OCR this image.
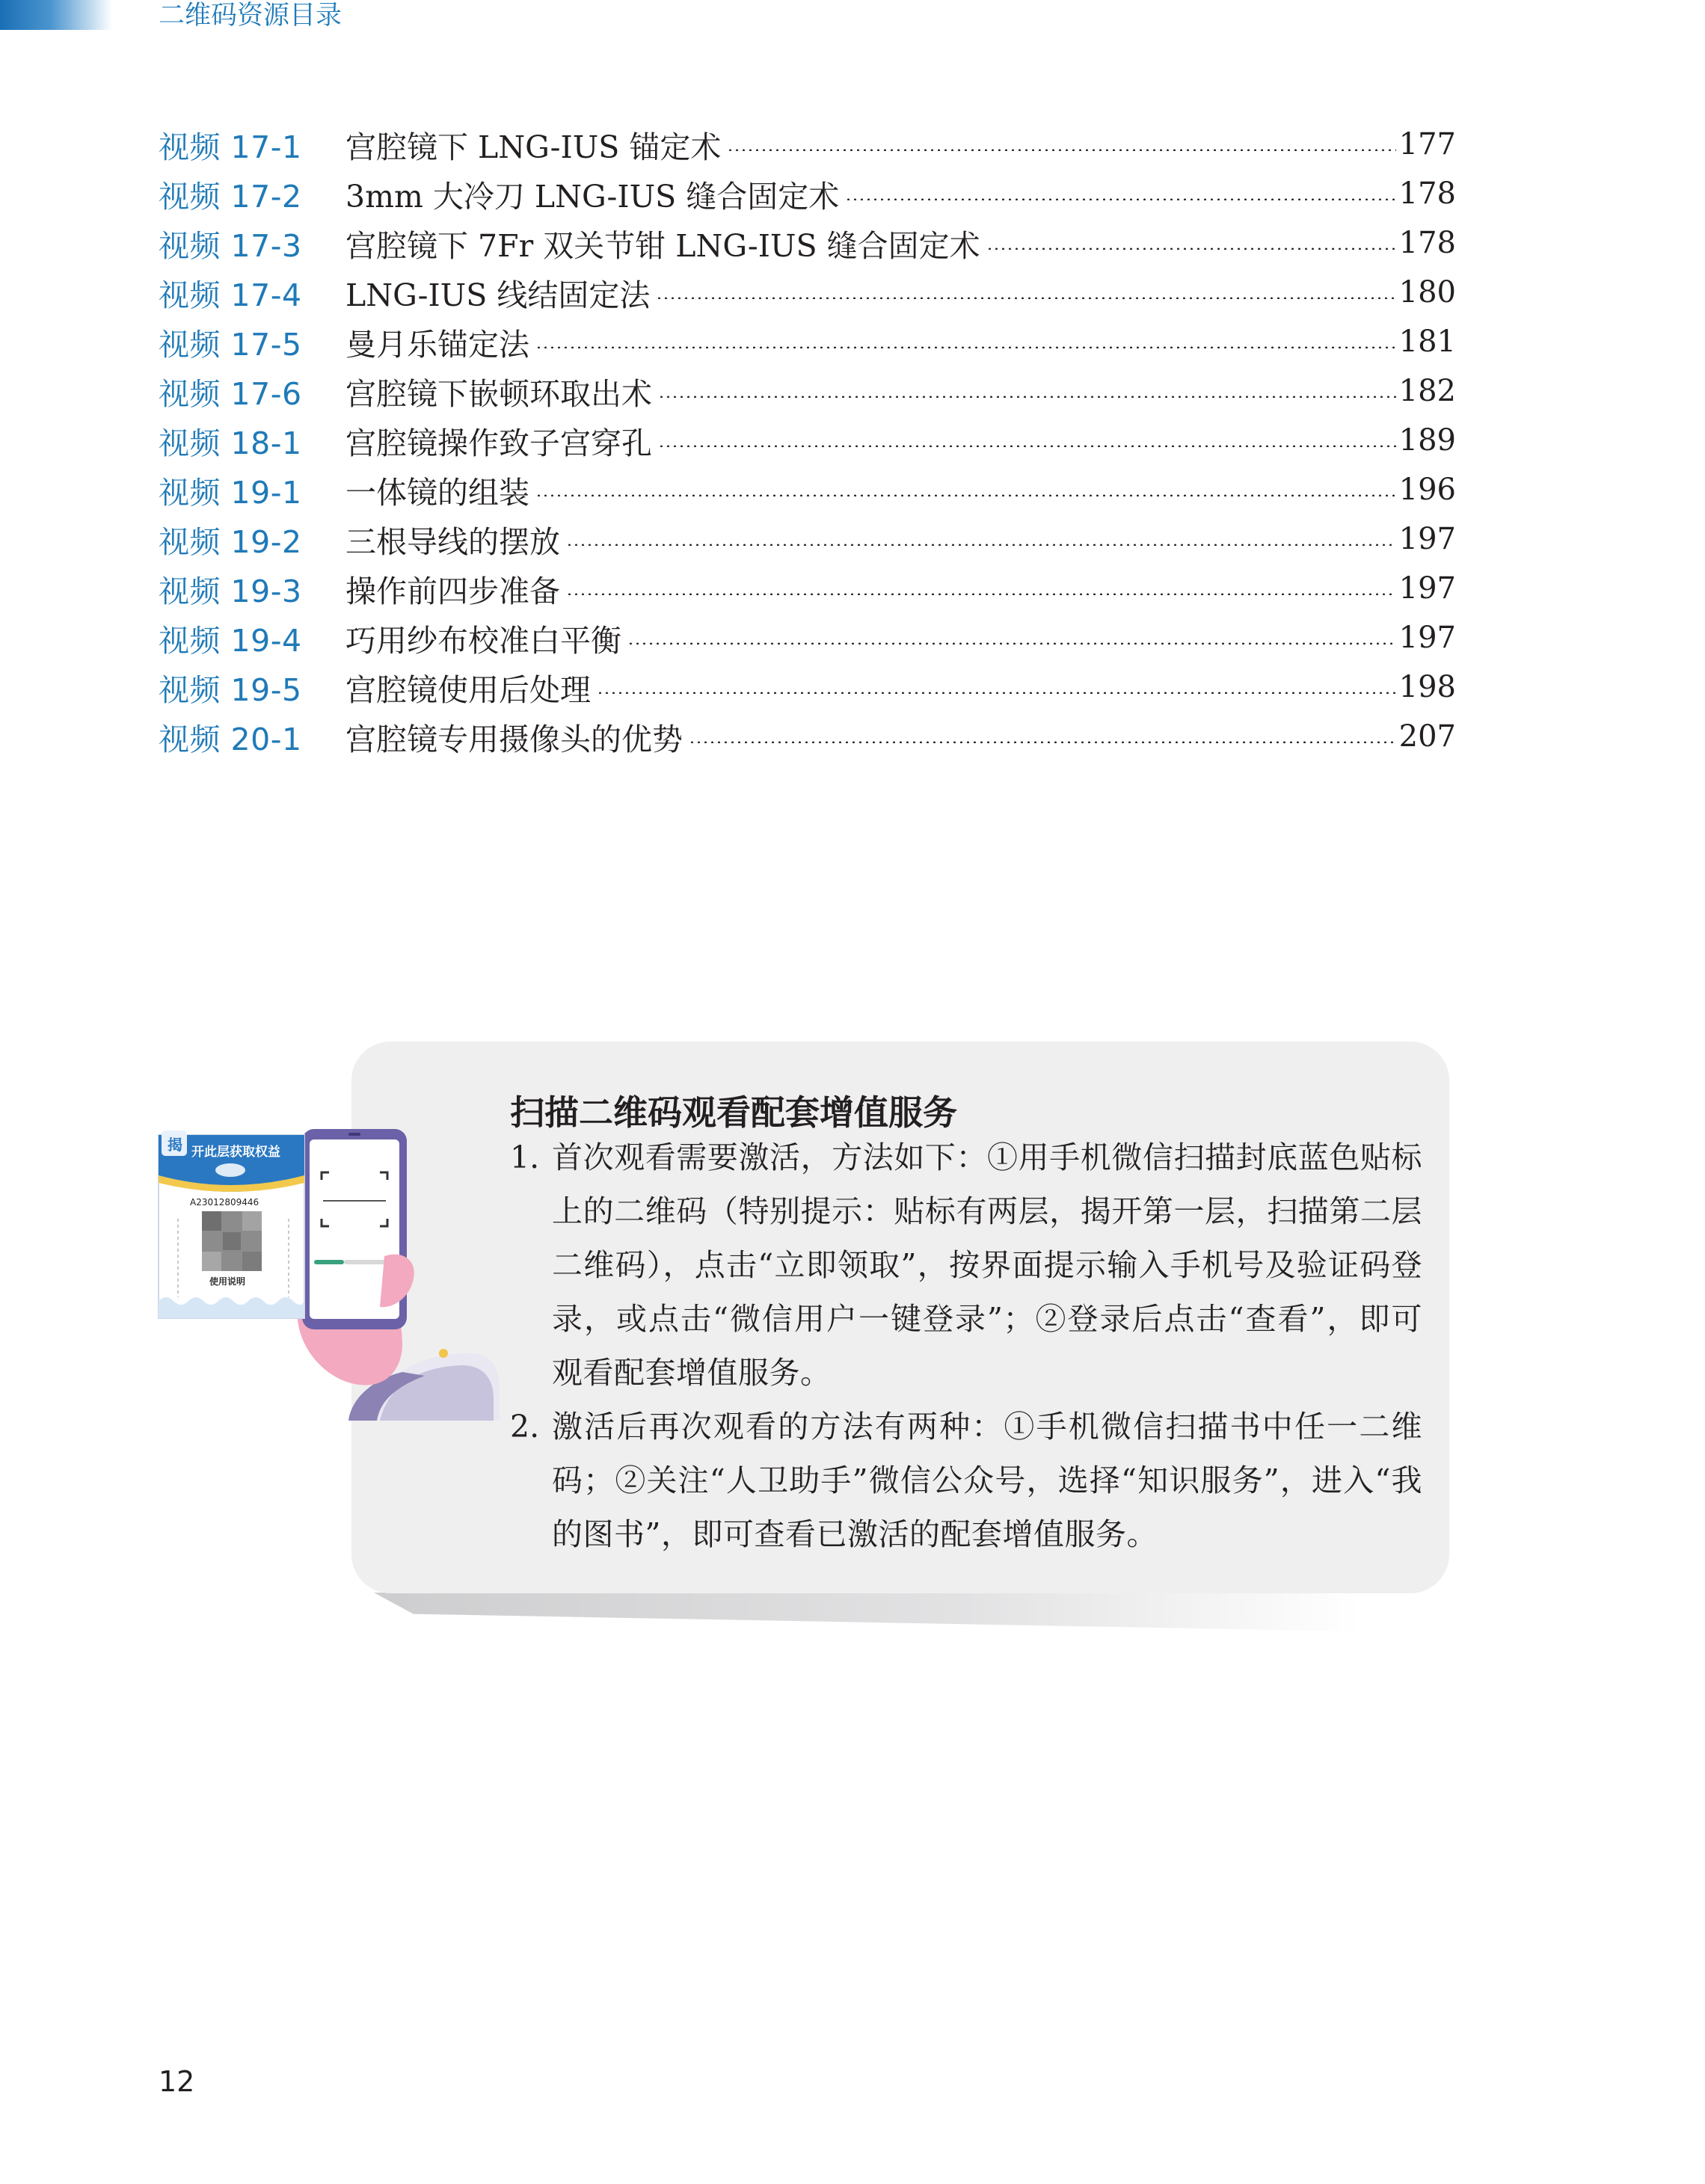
二维码资源目录
视频 17-1	宫腔镜下 LNG-IUS 锚定术	177
视频 17-2	3mm 大冷刀 LNG-IUS 缝合固定术	178
视频 17-3	宫腔镜下 7Fr 双关节钳 LNG-IUS 缝合固定术	178
视频 17-4	LNG-IUS 线结固定法	180
视频 17-5	曼月乐锚定法	181
视频 17-6	宫腔镜下嵌顿环取出术	182
视频 18-1	宫腔镜操作致子宫穿孔	189
视频 19-1	一体镜的组装	196
视频 19-2	三根导线的摆放	197
视频 19-3	操作前四步准备	197
视频 19-4	巧用纱布校准白平衡	197
视频 19-5	宫腔镜使用后处理	198
视频 20-1	宫腔镜专用摄像头的优势	207
扫描二维码观看配套增值服务
1. 首次观看需要激活，方法如下：①用手机微信扫描封底蓝色贴标上的二维码（特别提示：贴标有两层，揭开第一层，扫描第二层二维码），点击“立即领取”，按界面提示输入手机号及验证码登录，或点击“微信用户一键登录”；②登录后点击“查看”，即可观看配套增值服务。
2. 激活后再次观看的方法有两种：①手机微信扫描书中任一二维码；②关注“人卫助手”微信公众号，选择“知识服务”，进入“我的图书”，即可查看已激活的配套增值服务。
揭 开此层获取权益
A23012809446
使用说明
12
